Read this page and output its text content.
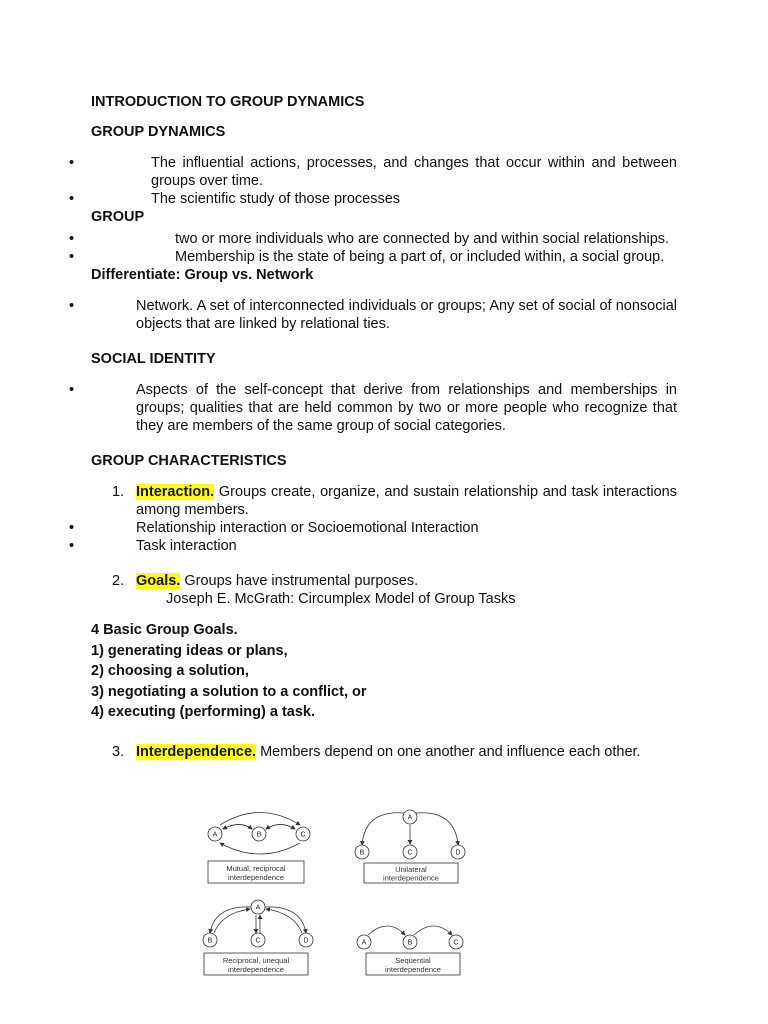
INTRODUCTION TO GROUP DYNAMICS

GROUP DYNAMICS

•	The influential actions, processes, and changes that occur within and between groups over time.
•	The scientific study of those processes

GROUP

•	two or more individuals who are connected by and within social relationships.
•	Membership is the state of being a part of, or included within, a social group.

Differentiate: Group vs. Network

•	Network. A set of interconnected individuals or groups; Any set of social of nonsocial objects that are linked by relational ties.

SOCIAL IDENTITY

•	Aspects of the self-concept that derive from relationships and memberships in groups; qualities that are held common by two or more people who recognize that they are members of the same group of social categories.

GROUP CHARACTERISTICS

1. Interaction. Groups create, organize, and sustain relationship and task interactions among members.
•	Relationship interaction or Socioemotional Interaction
•	Task interaction
2. Goals. Groups have instrumental purposes.
Joseph E. McGrath: Circumplex Model of Group Tasks
4 Basic Group Goals.
1) generating ideas or plans,
2) choosing a solution,
3) negotiating a solution to a conflict, or
4) executing (performing) a task.
3. Interdependence. Members depend on one another and influence each other.
A	B	C
Mutual, reciprocal
interdependence
A
B	C	D
Unilateral
interdependence
A
B	C	D
Reciprocal, unequal
interdependence
A	B	C
Sequential
interdependence
